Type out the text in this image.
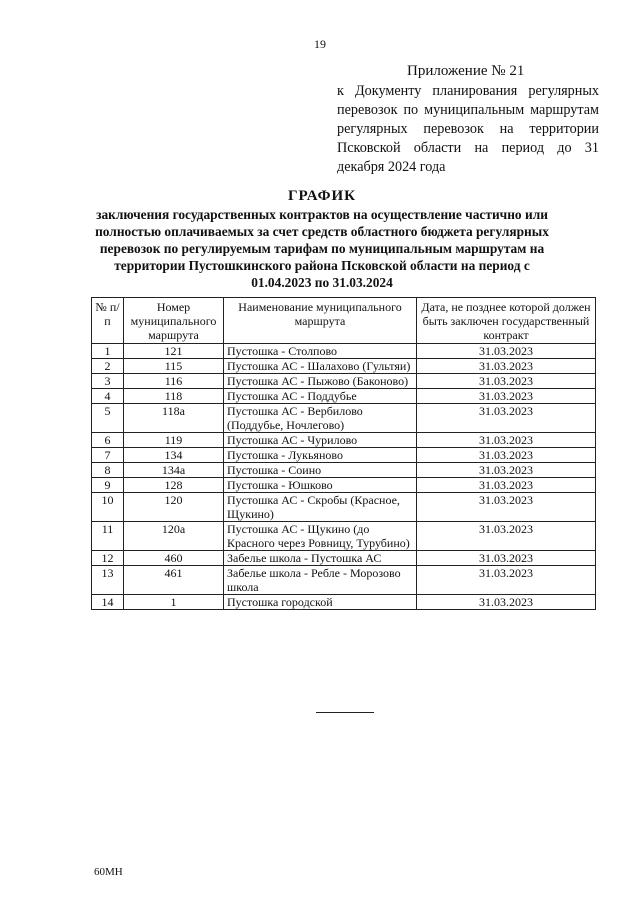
19
Приложение № 21
к Документу планирования регулярных перевозок по муниципальным маршрутам регулярных перевозок на территории Псковской области на период до 31 декабря 2024 года
ГРАФИК
заключения государственных контрактов на осуществление частично или полностью оплачиваемых за счет средств областного бюджета регулярных перевозок по регулируемым тарифам по муниципальным маршрутам на территории Пустошкинского района Псковской области на период с 01.04.2023 по 31.03.2024
№ п/п	Номер муниципального маршрута	Наименование муниципального маршрута	Дата, не позднее которой должен быть заключен государственный контракт
1	121	Пустошка - Столпово	31.03.2023
2	115	Пустошка АС - Шалахово (Гультяи)	31.03.2023
3	116	Пустошка АС - Пыжово (Баконово)	31.03.2023
4	118	Пустошка АС - Поддубье	31.03.2023
5	118а	Пустошка АС - Вербилово (Поддубье, Ночлегово)	31.03.2023
6	119	Пустошка АС - Чурилово	31.03.2023
7	134	Пустошка - Лукьяново	31.03.2023
8	134а	Пустошка - Соино	31.03.2023
9	128	Пустошка - Юшково	31.03.2023
10	120	Пустошка АС - Скробы (Красное, Щукино)	31.03.2023
11	120а	Пустошка АС - Щукино (до Красного через Ровницу, Турубино)	31.03.2023
12	460	Забелье школа - Пустошка АС	31.03.2023
13	461	Забелье школа - Ребле - Морозово школа	31.03.2023
14	1	Пустошка городской	31.03.2023
60МН
